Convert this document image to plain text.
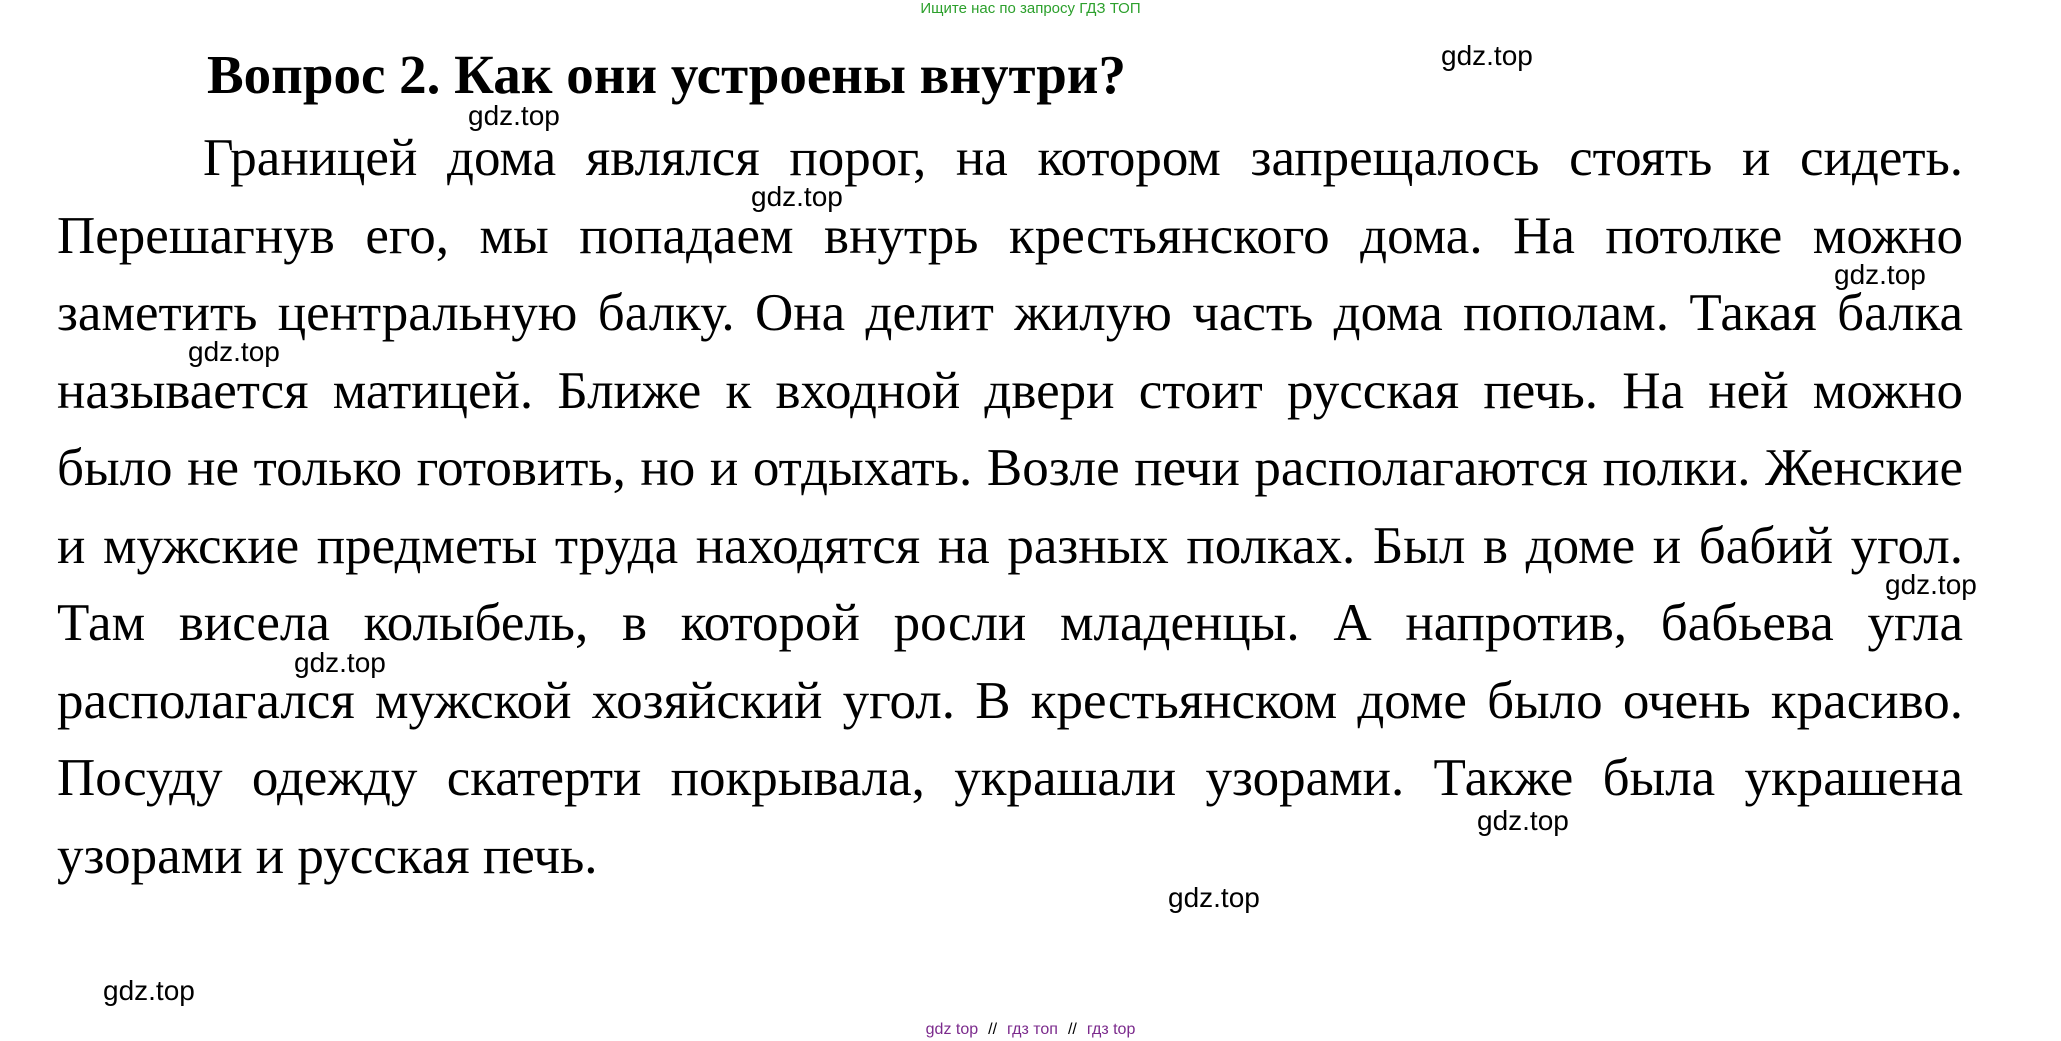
Ищите нас по запросу ГДЗ ТОП
Вопрос 2. Как они устроены внутри?

Границей дома являлся порог, на котором запрещалось стоять и сидеть. Перешагнув его, мы попадаем внутрь крестьянского дома. На потолке можно заметить центральную балку. Она делит жилую часть дома пополам. Такая балка называется матицей. Ближе к входной двери стоит русская печь. На ней можно было не только готовить, но и отдыхать. Возле печи располагаются полки. Женские и мужские предметы труда находятся на разных полках. Был в доме и бабий угол. Там висела колыбель, в которой росли младенцы. А напротив, бабьева угла располагался мужской хозяйский угол. В крестьянском доме было очень красиво. Посуду одежду скатерти покрывала, украшали узорами. Также была украшена узорами и русская печь.

gdz.top
gdz.top
gdz.top
gdz.top
gdz.top
gdz.top
gdz.top
gdz.top
gdz.top
gdz.top
gdz top // гдз топ // гдз top
